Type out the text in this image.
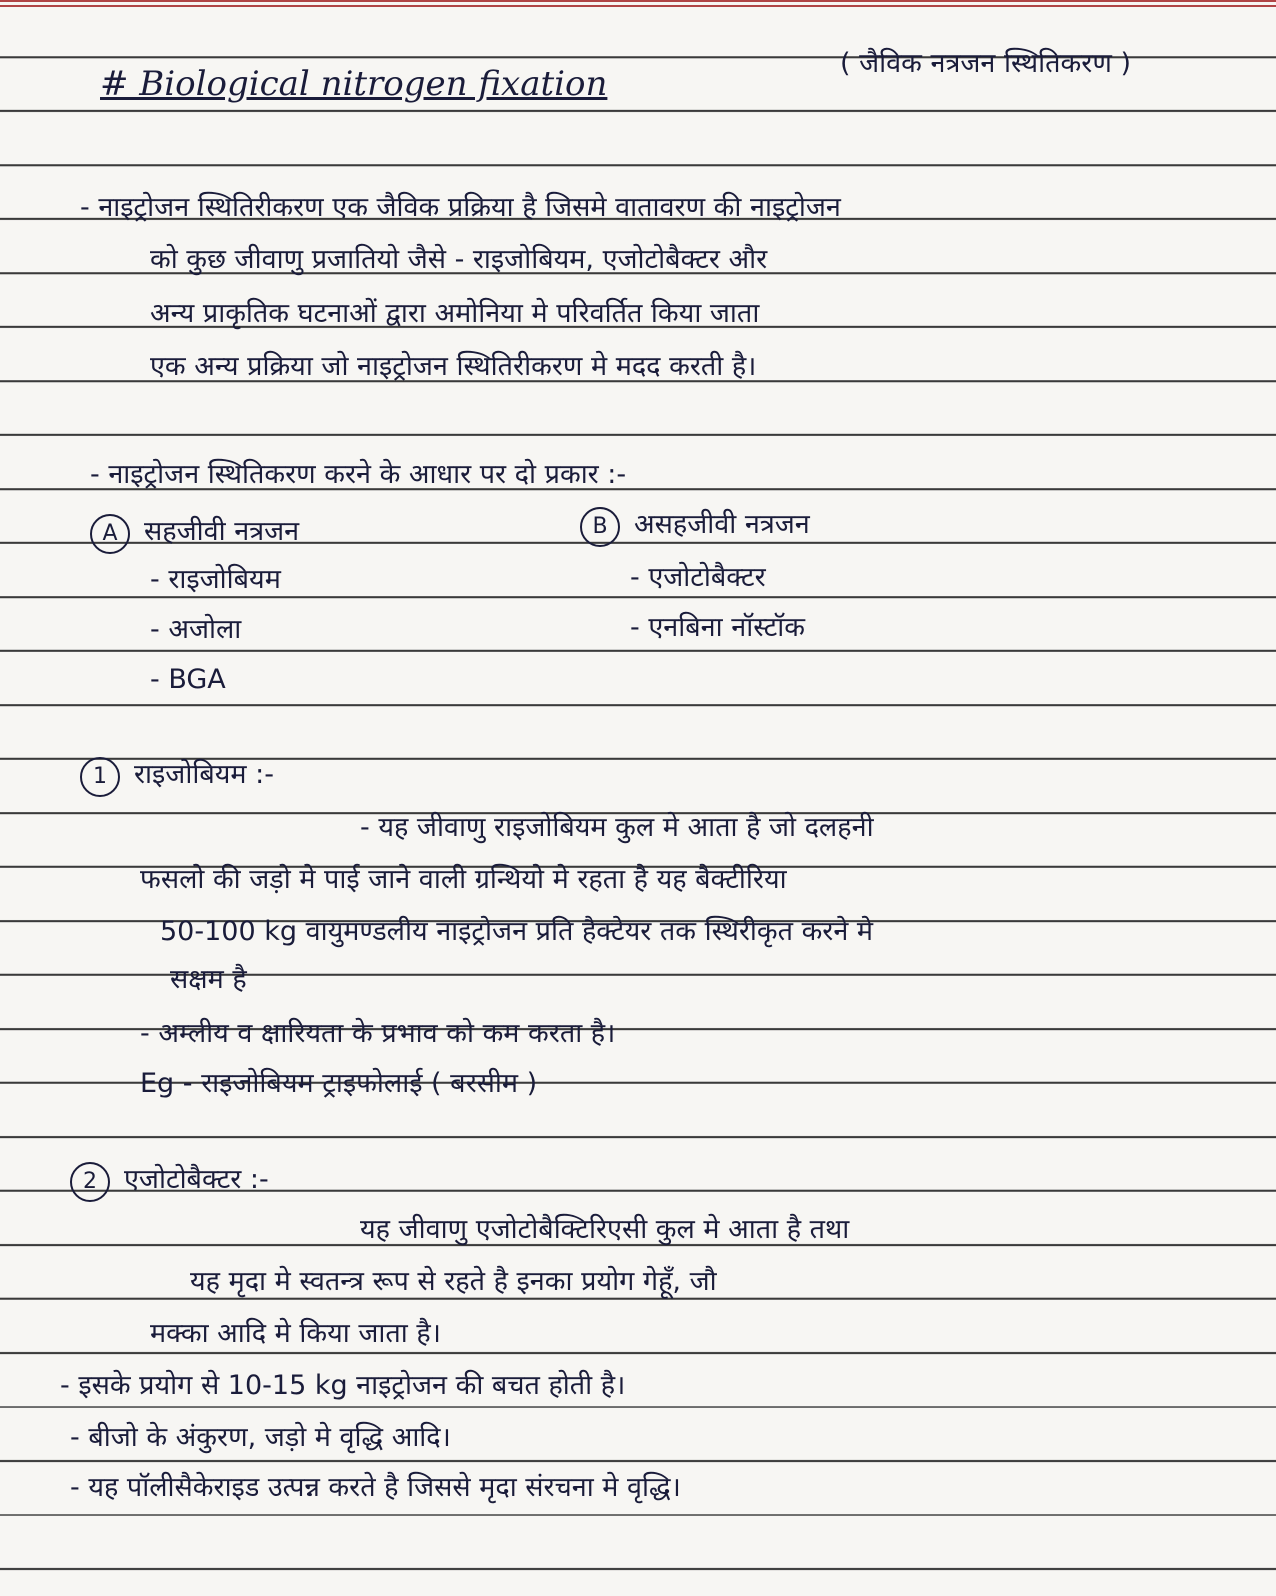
# Biological nitrogen fixation
( जैविक नत्रजन स्थितिकरण )
- नाइट्रोजन स्थितिरीकरण एक जैविक प्रक्रिया है जिसमे वातावरण की नाइट्रोजन
को कुछ जीवाणु प्रजातियो जैसे - राइजोबियम, एजोटोबैक्टर और
अन्य प्राकृतिक घटनाओं द्वारा अमोनिया मे परिवर्तित किया जाता
एक अन्य प्रक्रिया जो नाइट्रोजन स्थितिरीकरण मे मदद करती है।
- नाइट्रोजन स्थितिकरण करने के आधार पर दो प्रकार :-
A सहजीवी नत्रजन
- राइजोबियम
- अजोला
- BGA
B असहजीवी नत्रजन
- एजोटोबैक्टर
- एनबिना नॉस्टॉक
1 राइजोबियम :-
- यह जीवाणु राइजोबियम कुल मे आता है जो दलहनी
फसलो की जड़ो मे पाई जाने वाली ग्रन्थियो मे रहता है यह बैक्टीरिया
50-100 kg वायुमण्डलीय नाइट्रोजन प्रति हैक्टेयर तक स्थिरीकृत करने मे
सक्षम है
- अम्लीय व क्षारियता के प्रभाव को कम करता है।
Eg - राइजोबियम ट्राइफोलाई ( बरसीम )
2 एजोटोबैक्टर :-
यह जीवाणु एजोटोबैक्टिरिएसी कुल मे आता है तथा
यह मृदा मे स्वतन्त्र रूप से रहते है इनका प्रयोग गेहूँ, जौ
मक्का आदि मे किया जाता है।
- इसके प्रयोग से 10-15 kg नाइट्रोजन की बचत होती है।
- बीजो के अंकुरण, जड़ो मे वृद्धि आदि।
- यह पॉलीसैकेराइड उत्पन्न करते है जिससे मृदा संरचना मे वृद्धि।
